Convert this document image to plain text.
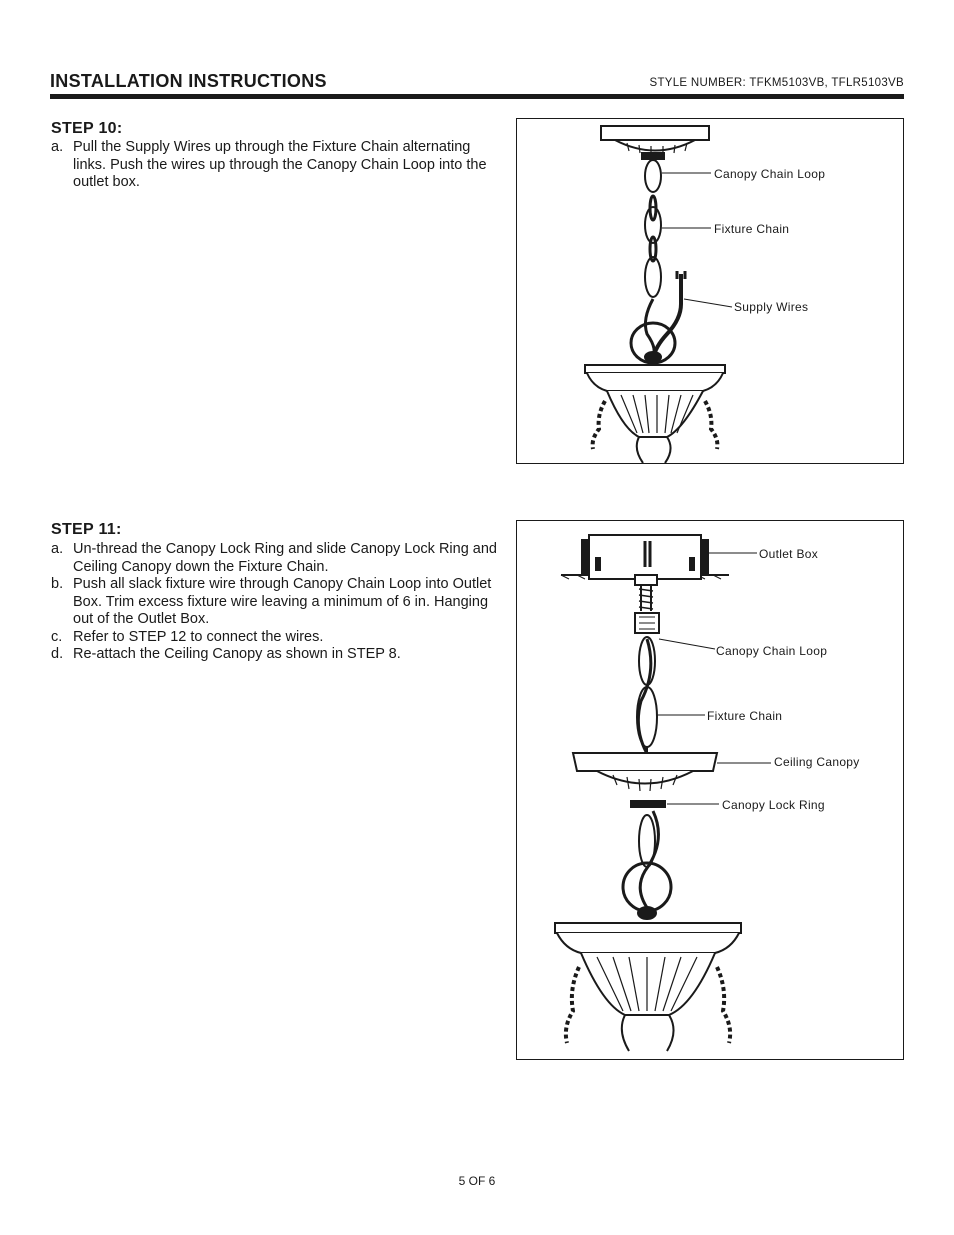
INSTALLATION INSTRUCTIONS	STYLE NUMBER: TFKM5103VB, TFLR5103VB
STEP 10:
a. Pull the Supply Wires up through the Fixture Chain alternating links. Push the wires up through the Canopy Chain Loop into the outlet box.	Canopy Chain Loop
Fixture Chain
Supply Wires
STEP 11:
a. Un-thread the Canopy Lock Ring and slide Canopy Lock Ring and Ceiling Canopy down the Fixture Chain.
b. Push all slack fixture wire through Canopy Chain Loop into Outlet Box. Trim excess fixture wire leaving a minimum of 6 in. Hanging out of the Outlet Box.
c. Refer to STEP 12 to connect the wires.
d. Re-attach the Ceiling Canopy as shown in STEP 8.
Outlet Box
Canopy Chain Loop
Fixture Chain
Ceiling Canopy
Canopy Lock Ring
5 OF 6
